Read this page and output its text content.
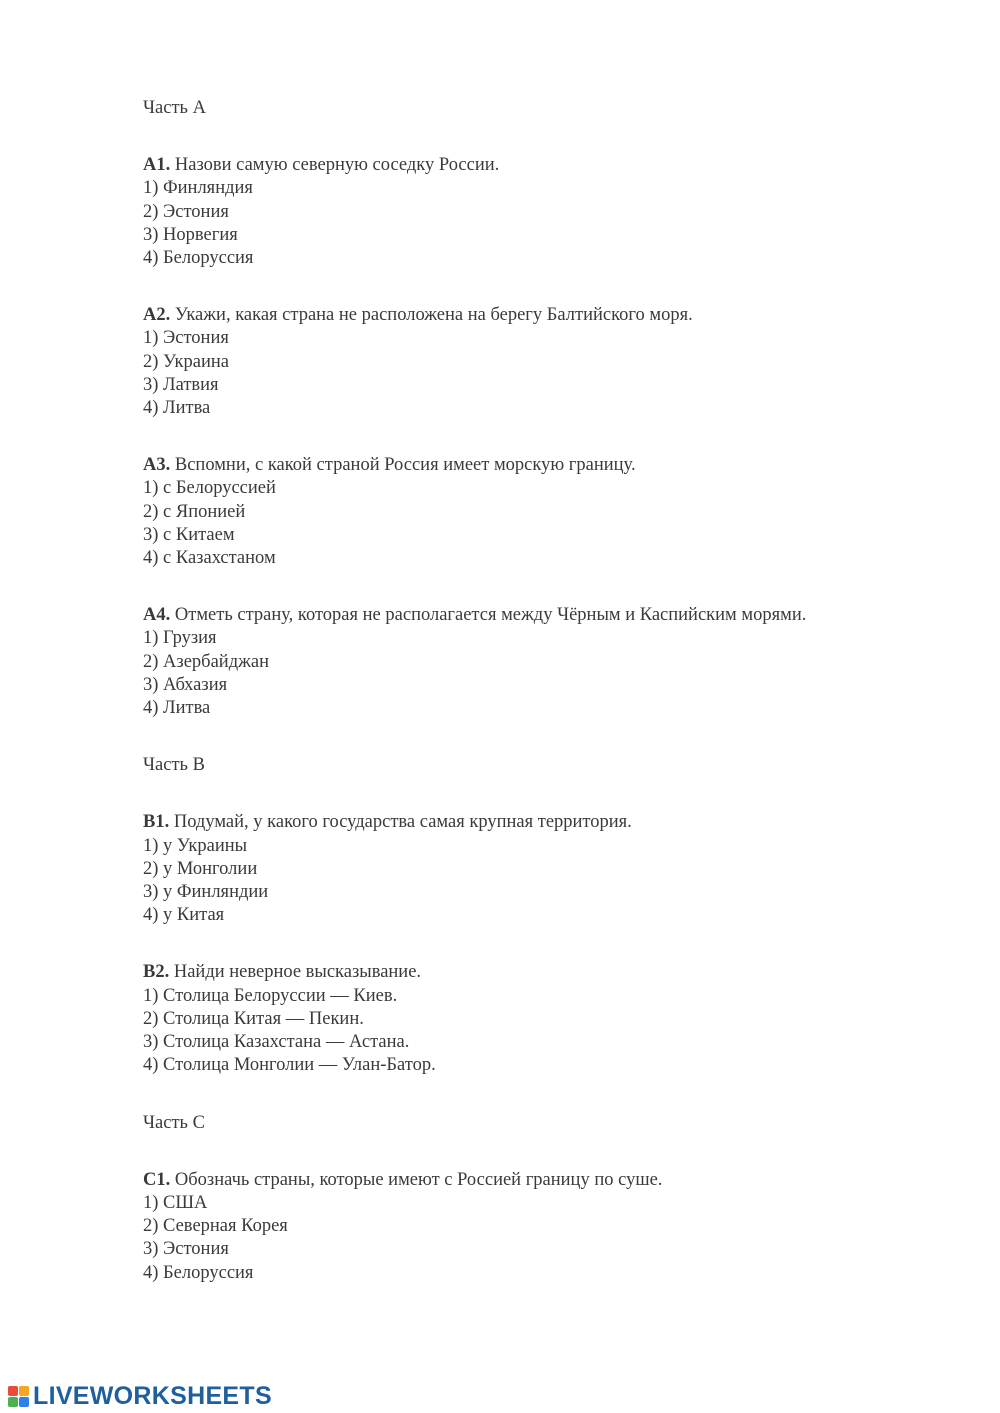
Часть А
А1. Назови самую северную соседку России.
1) Финляндия
2) Эстония
3) Норвегия
4) Белоруссия
А2. Укажи, какая страна не расположена на берегу Балтийского моря.
1) Эстония
2) Украина
3) Латвия
4) Литва
А3. Вспомни, с какой страной Россия имеет морскую границу.
1) с Белоруссией
2) с Японией
3) с Китаем
4) с Казахстаном
А4. Отметь страну, которая не располагается между Чёрным и Каспийским морями.
1) Грузия
2) Азербайджан
3) Абхазия
4) Литва
Часть В
В1. Подумай, у какого государства самая крупная территория.
1) у Украины
2) у Монголии
3) у Финляндии
4) у Китая
В2. Найди неверное высказывание.
1) Столица Белоруссии — Киев.
2) Столица Китая — Пекин.
3) Столица Казахстана — Астана.
4) Столица Монголии — Улан-Батор.
Часть С
С1. Обозначь страны, которые имеют с Россией границу по суше.
1) США
2) Северная Корея
3) Эстония
4) Белоруссия
LIVEWORKSHEETS
